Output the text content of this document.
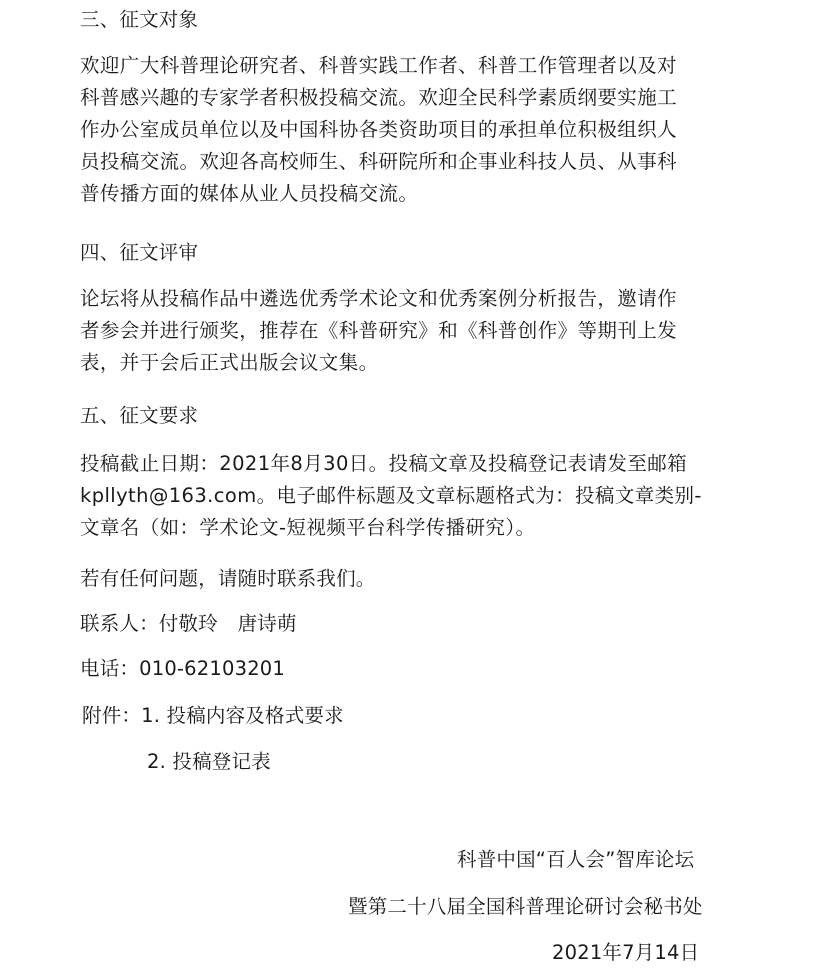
三、征文对象
欢迎广大科普理论研究者、科普实践工作者、科普工作管理者以及对
科普感兴趣的专家学者积极投稿交流。欢迎全民科学素质纲要实施工
作办公室成员单位以及中国科协各类资助项目的承担单位积极组织人
员投稿交流。欢迎各高校师生、科研院所和企事业科技人员、从事科
普传播方面的媒体从业人员投稿交流。
四、征文评审
论坛将从投稿作品中遴选优秀学术论文和优秀案例分析报告，邀请作
者参会并进行颁奖，推荐在《科普研究》和《科普创作》等期刊上发
表，并于会后正式出版会议文集。
五、征文要求
投稿截止日期：2021年8月30日。投稿文章及投稿登记表请发至邮箱
kpllyth@163.com。电子邮件标题及文章标题格式为：投稿文章类别-
文章名（如：学术论文-短视频平台科学传播研究）。
若有任何问题，请随时联系我们。
联系人：付敬玲　唐诗萌
电话：010-62103201
附件：1. 投稿内容及格式要求
2. 投稿登记表
科普中国“百人会”智库论坛
暨第二十八届全国科普理论研讨会秘书处
2021年7月14日
